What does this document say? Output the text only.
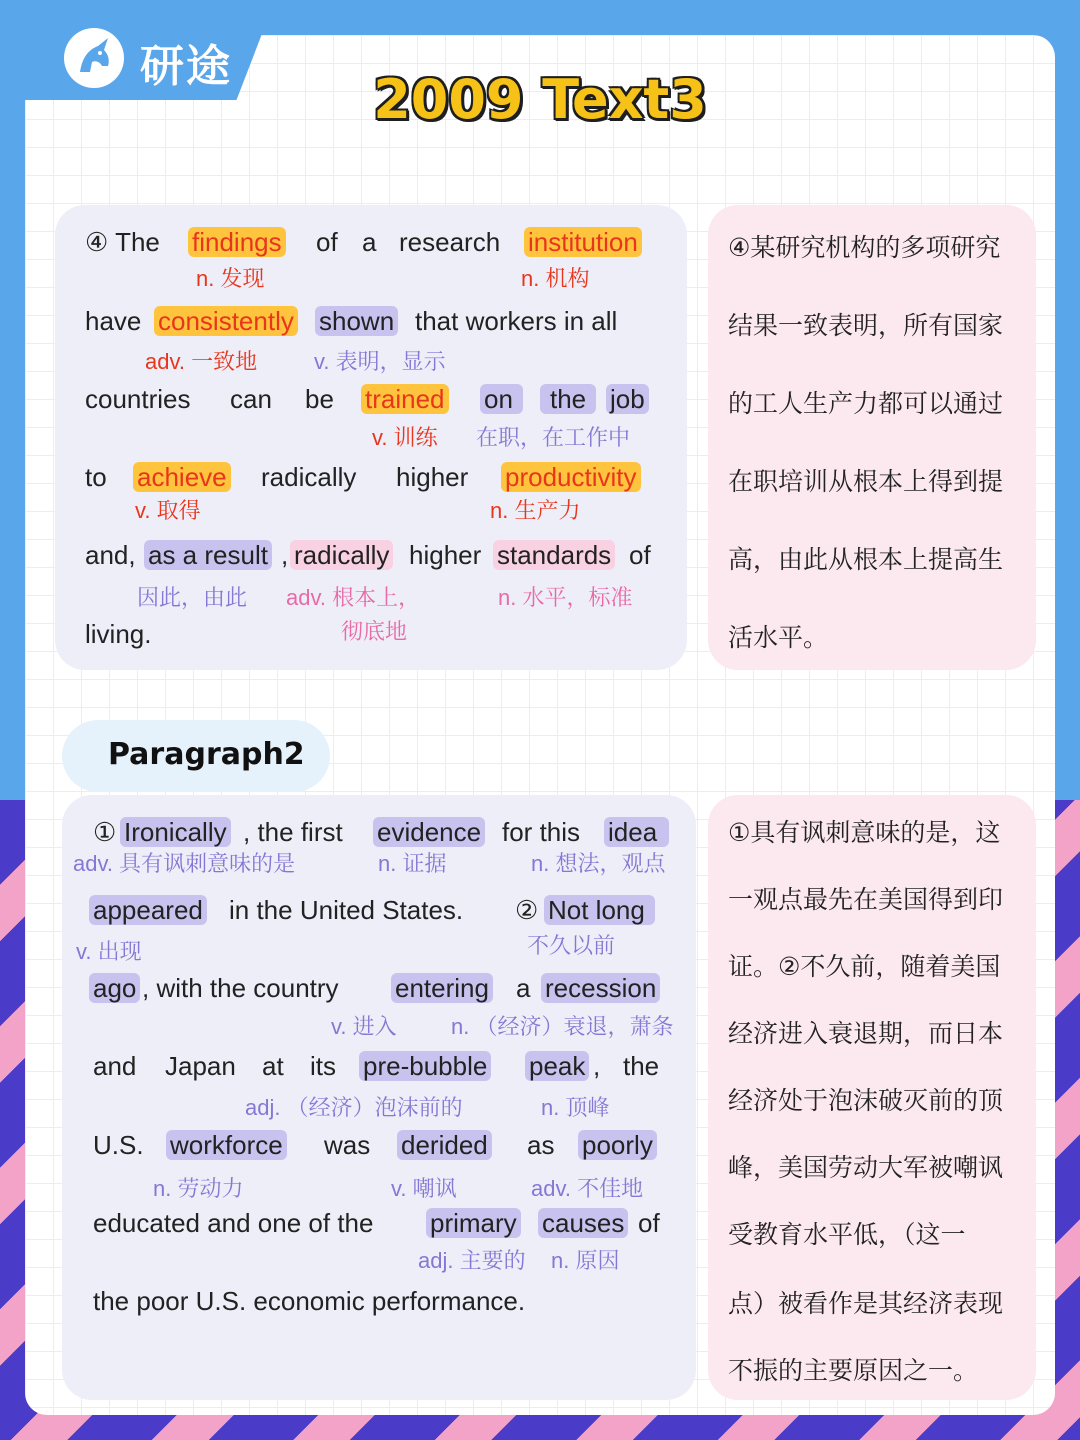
研途
2009 Text3
④ The findings of a research institution
n. 发现	n. 机构
have consistently shown that workers in all
adv. 一致地	v. 表明，显示
countries can be trained on	the job
v. 训练 在职，在工作中
to achieve radically higher productivity
v. 取得	n. 生产力
and, as a result , radically higher standards of
因此，由此 adv. 根本上，
彻底地
n. 水平，标准
living.
④某研究机构的多项研究
结果一致表明，所有国家
的工人生产力都可以通过
在职培训从根本上得到提
高，由此从根本上提高生
活水平。
Paragraph2
① Ironically , the first evidence for this idea
adv. 具有讽刺意味的是	n. 证据	n. 想法，观点
appeared in the United States. ② Not long
v. 出现	不久以前
ago , with the country entering a recession
v. 进入 n. （经济）衰退，萧条
and Japan at its pre-bubble peak , the
adj. （经济）泡沫前的	n. 顶峰
U.S. workforce was derided as poorly
n. 劳动力	v. 嘲讽	adv. 不佳地
educated and one of the primary causes of
adj. 主要的 n. 原因
the poor U.S. economic performance.
①具有讽刺意味的是，这
一观点最先在美国得到印
证。②不久前，随着美国
经济进入衰退期，而日本
经济处于泡沫破灭前的顶
峰，美国劳动大军被嘲讽
受教育水平低，（这一
点）被看作是其经济表现
不振的主要原因之一。
